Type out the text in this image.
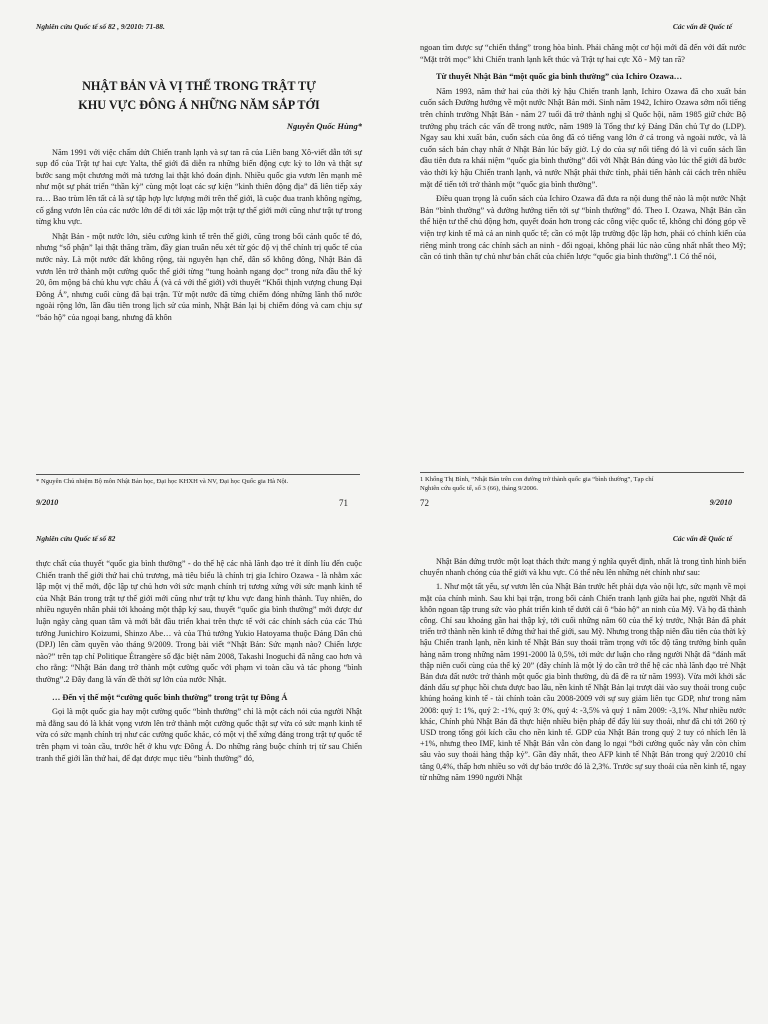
Nghiên cứu Quốc tế số 82 , 9/2010: 71-88.

NHẬT BẢN VÀ VỊ THẾ TRONG TRẬT TỰ

KHU VỰC ĐÔNG Á NHỮNG NĂM SẮP TỚI

Nguyễn Quốc Hùng*

Năm 1991 với việc chấm dứt Chiến tranh lạnh và sự tan rã của Liên bang Xô-viết dẫn tới sự sụp đổ của Trật tự hai cực Yalta, thế giới đã diễn ra những biến động cực kỳ to lớn và thật sự bước sang một chương mới mà tương lai thật khó đoán định. Nhiều quốc gia vươn lên mạnh mẽ như một sự phát triển “thần kỳ” cùng một loạt các sự kiện “kinh thiên động địa” đã liên tiếp xảy ra… Bao trùm lên tất cả là sự tập hợp lực lượng mới trên thế giới, là cuộc đua tranh không ngừng, cố gắng vươn lên của các nước lớn để đi tới xác lập một trật tự thế giới mới cũng như trật tự trong từng khu vực.

Nhật Bản - một nước lớn, siêu cường kinh tế trên thế giới, cũng trong bối cảnh quốc tế đó, nhưng “số phận” lại thật thăng trầm, đầy gian truân nếu xét từ góc độ vị thế chính trị quốc tế của nước này. Là một nước đất không rộng, tài nguyên hạn chế, dân số không đông, Nhật Bản đã vươn lên trở thành một cường quốc thế giới từng “tung hoành ngang dọc” trong nửa đầu thế kỷ 20, ôm mộng bá chủ khu vực châu Á (và cả với thế giới) với thuyết “Khối thịnh vượng chung Đại Đông Á”, nhưng cuối cùng đã bại trận. Từ một nước đã từng chiếm đóng những lãnh thổ nước ngoài rộng lớn, lần đầu tiên trong lịch sử của mình, Nhật Bản lại bị chiếm đóng và cam chịu sự “bảo hộ” của ngoại bang, nhưng đã khôn

* Nguyên Chủ nhiệm Bộ môn Nhật Bản học, Đại học KHXH và NV, Đại học Quốc gia Hà Nội.
9/2010	71
Các vấn đề Quốc tế

ngoan tìm được sự “chiến thắng” trong hòa bình. Phải chăng một cơ hội mới đã đến với đất nước “Mặt trời mọc” khi Chiến tranh lạnh kết thúc và Trật tự hai cực Xô - Mỹ tan rã?

Từ thuyết Nhật Bản “một quốc gia bình thường” của Ichiro Ozawa…

Năm 1993, năm thứ hai của thời kỳ hậu Chiến tranh lạnh, Ichiro Ozawa đã cho xuất bản cuốn sách Đường hướng về một nước Nhật Bản mới. Sinh năm 1942, Ichiro Ozawa sớm nổi tiếng trên chính trường Nhật Bản - năm 27 tuổi đã trở thành nghị sĩ Quốc hội, năm 1985 giữ chức Bộ trưởng phụ trách các vấn đề trong nước, năm 1989 là Tổng thư ký Đảng Dân chủ Tự do (LDP). Ngay sau khi xuất bản, cuốn sách của ông đã có tiếng vang lớn ở cả trong và ngoài nước, và là cuốn sách bán chạy nhất ở Nhật Bản lúc bấy giờ. Lý do của sự nổi tiếng đó là vì cuốn sách lần đầu tiên đưa ra khái niệm “quốc gia bình thường” đối với Nhật Bản đúng vào lúc thế giới đã bước vào thời kỳ hậu Chiến tranh lạnh, và nước Nhật phải thức tỉnh, phải tiến hành cải cách trên nhiều mặt để tiến tới trở thành một “quốc gia bình thường”.

Điều quan trọng là cuốn sách của Ichiro Ozawa đã đưa ra nội dung thế nào là một nước Nhật Bản “bình thường” và đường hướng tiến tới sự “bình thường” đó. Theo I. Ozawa, Nhật Bản cần thể hiện tư thế chủ động hơn, quyết đoán hơn trong các công việc quốc tế, không chỉ đóng góp về viện trợ kinh tế mà cả an ninh quốc tế; cần có một lập trường độc lập hơn, phải có chính kiến của riêng mình trong các chính sách an ninh - đối ngoại, không phải lúc nào cũng nhất nhất theo Mỹ; cần có tinh thần tự chủ như bản chất của chiến lược “quốc gia bình thường”.1 Có thể nói,

1 Khổng Thị Bình, “Nhật Bản trên con đường trở thành quốc gia “bình thường”, Tạp chí
Nghiên cứu quốc tế, số 3 (66), tháng 9/2006.
72	9/2010
Nghiên cứu Quốc tế số 82

thực chất của thuyết “quốc gia bình thường” - do thế hệ các nhà lãnh đạo trẻ ít dính líu đến cuộc Chiến tranh thế giới thứ hai chủ trương, mà tiêu biểu là chính trị gia Ichiro Ozawa - là nhằm xác lập một vị thế mới, độc lập tự chủ hơn với sức mạnh chính trị tương xứng với sức mạnh kinh tế của Nhật Bản trong trật tự thế giới mới cũng như trật tự khu vực đang hình thành. Tuy nhiên, do nhiều nguyên nhân phải tới khoảng một thập kỷ sau, thuyết “quốc gia bình thường” mới được dư luận ngày càng quan tâm và mới bắt đầu triển khai trên thực tế với các chính sách của các Thủ tướng Junichiro Koizumi, Shinzo Abe… và của Thủ tướng Yukio Hatoyama thuộc Đảng Dân chủ (DPJ) lên cầm quyền vào tháng 9/2009. Trong bài viết “Nhật Bản: Sức mạnh nào? Chiến lược nào?” trên tạp chí Politique Étrangère số đặc biệt năm 2008, Takashi Inoguchi đã nâng cao hơn và cho rằng: “Nhật Bản đang trở thành một cường quốc với phạm vi toàn cầu và tác phong “bình thường”.2 Đây đang là vấn đề thời sự lớn của nước Nhật.

… Đến vị thế một “cường quốc bình thường” trong trật tự Đông Á

Gọi là một quốc gia hay một cường quốc “bình thường” chỉ là một cách nói của người Nhật mà đằng sau đó là khát vọng vươn lên trở thành một cường quốc thật sự vừa có sức mạnh kinh tế vừa có sức mạnh chính trị như các cường quốc khác, có một vị thế xứng đáng trong trật tự quốc tế trên phạm vi toàn cầu, trước hết ở khu vực Đông Á. Do những ràng buộc chính trị từ sau Chiến tranh thế giới lần thứ hai, để đạt được mục tiêu “bình thường” đó,

Các vấn đề Quốc tế

Nhật Bản đứng trước một loạt thách thức mang ý nghĩa quyết định, nhất là trong tình hình biến chuyển nhanh chóng của thế giới và khu vực. Có thể nêu lên những nét chính như sau:

1. Như một tất yếu, sự vươn lên của Nhật Bản trước hết phải dựa vào nội lực, sức mạnh về mọi mặt của chính mình. Sau khi bại trận, trong bối cảnh Chiến tranh lạnh giữa hai phe, người Nhật đã khôn ngoan tập trung sức vào phát triển kinh tế dưới cái ô “bảo hộ” an ninh của Mỹ. Và họ đã thành công. Chỉ sau khoảng gần hai thập kỷ, tới cuối những năm 60 của thế kỷ trước, Nhật Bản đã phát triển trở thành nền kinh tế đứng thứ hai thế giới, sau Mỹ. Nhưng trong thập niên đầu tiên của thời kỳ hậu Chiến tranh lạnh, nền kinh tế Nhật Bản suy thoái trầm trọng với tốc độ tăng trưởng bình quân hàng năm trong những năm 1991-2000 là 0,5%, tới mức dư luận cho rằng người Nhật đã “đánh mất thập niên cuối cùng của thế kỷ 20” (đây chính là một lý do cần trở thế hệ các nhà lãnh đạo trẻ Nhật Bản đưa đất nước trở thành một quốc gia bình thường, dù đã đề ra từ năm 1993). Vừa mới khởi sắc đánh dấu sự phục hồi chưa được bao lâu, nền kinh tế Nhật Bản lại trượt dài vào suy thoái trong cuộc khủng hoảng kinh tế - tài chính toàn cầu 2008-2009 với sự suy giảm liên tục GDP, như trong năm 2008: quý 1: 1%, quý 2: -1%, quý 3: 0%, quý 4: -3,5% và quý 1 năm 2009: -3,1%. Như nhiều nước khác, Chính phủ Nhật Bản đã thực hiện nhiều biện pháp để đẩy lùi suy thoái, như đã chi tới 260 tỷ USD trong tổng gói kích cầu cho nền kinh tế. GDP của Nhật Bản trong quý 2 tuy có nhích lên là +1%, nhưng theo IMF, kinh tế Nhật Bản vẫn còn đang lo ngại “bởi cường quốc này vẫn còn chìm sâu vào suy thoái hàng thập kỷ”. Gần đây nhất, theo AFP kinh tế Nhật Bản trong quý 2/2010 chỉ tăng 0,4%, thấp hơn nhiều so với dự báo trước đó là 2,3%. Trước sự suy thoái của nền kinh tế, ngay từ những năm 1990 người Nhật
